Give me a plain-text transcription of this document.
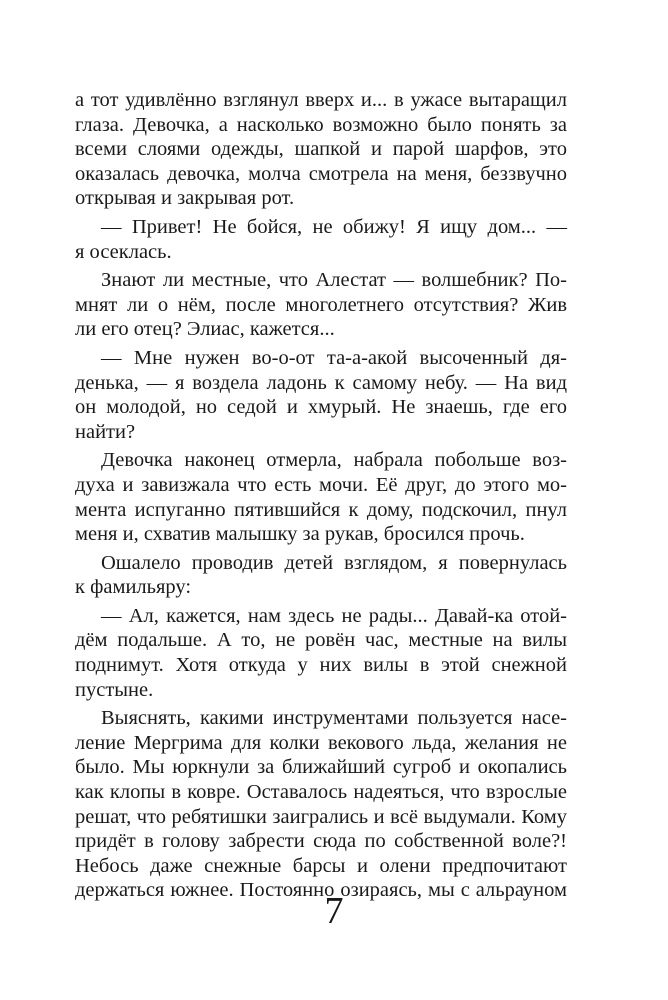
а тот удивлённо взглянул вверх и... в ужасе вытаращил
глаза. Девочка, а насколько возможно было понять за
всеми слоями одежды, шапкой и парой шарфов, это
оказалась девочка, молча смотрела на меня, беззвучно
открывая и закрывая рот.
— Привет! Не бойся, не обижу! Я ищу дом... —
я осеклась.
Знают ли местные, что Алестат — волшебник? По-
мнят ли о нём, после многолетнего отсутствия? Жив
ли его отец? Элиас, кажется...
— Мне нужен во-о-от та-а-акой высоченный дя-
денька, — я воздела ладонь к самому небу. — На вид
он молодой, но седой и хмурый. Не знаешь, где его
найти?
Девочка наконец отмерла, набрала побольше воз-
духа и завизжала что есть мочи. Её друг, до этого мо-
мента испуганно пятившийся к дому, подскочил, пнул
меня и, схватив малышку за рукав, бросился прочь.
Ошалело проводив детей взглядом, я повернулась
к фамильяру:
— Ал, кажется, нам здесь не рады... Давай-ка отой-
дём подальше. А то, не ровён час, местные на вилы
поднимут. Хотя откуда у них вилы в этой снежной
пустыне.
Выяснять, какими инструментами пользуется насе-
ление Мергрима для колки векового льда, желания не
было. Мы юркнули за ближайший сугроб и окопались
как клопы в ковре. Оставалось надеяться, что взрослые
решат, что ребятишки заигрались и всё выдумали. Кому
придёт в голову забрести сюда по собственной воле?!
Небось даже снежные барсы и олени предпочитают
держаться южнее. Постоянно озираясь, мы с альрауном
7
